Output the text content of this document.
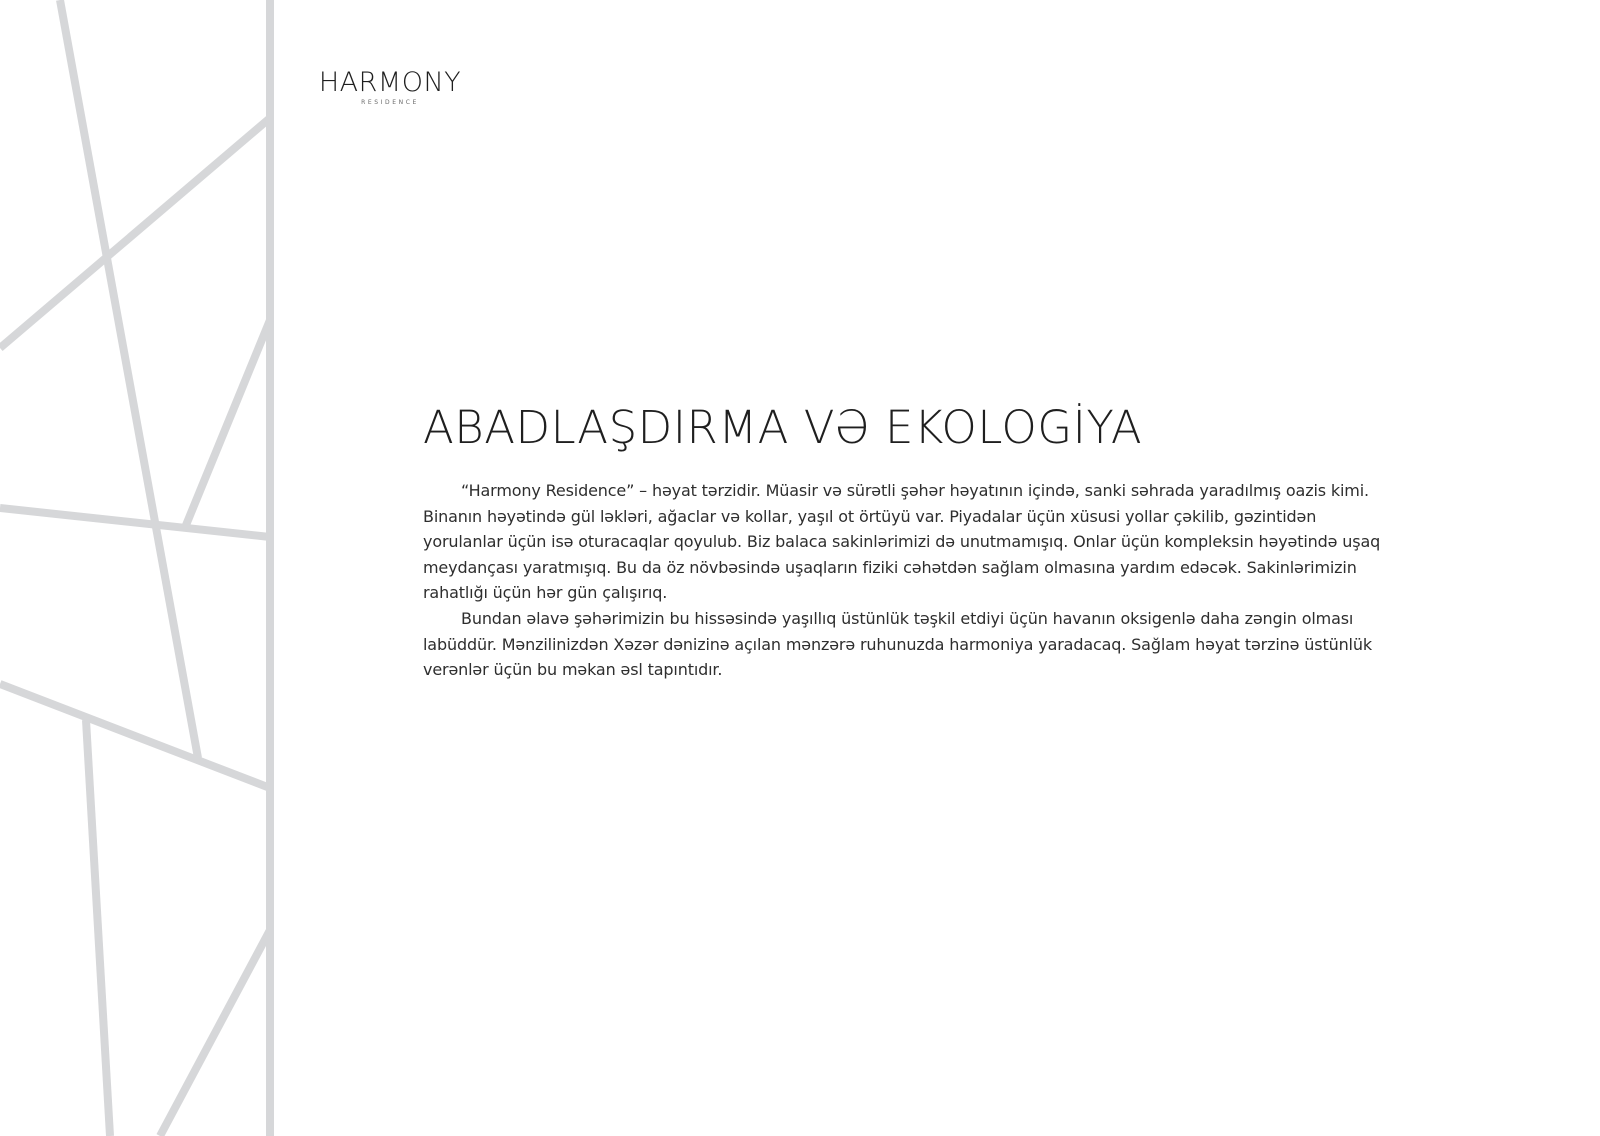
HARMONY
RESIDENCE
ABADLAŞDIRMA VƏ EKOLOGİYA

“Harmony Residence” – həyat tərzidir. Müasir və sürətli şəhər həyatının içində, sanki səhrada yaradılmış oazis kimi. Binanın həyətində gül ləkləri, ağaclar və kollar, yaşıl ot örtüyü var. Piyadalar üçün xüsusi yollar çəkilib, gəzintidən yorulanlar üçün isə oturacaqlar qoyulub. Biz balaca sakinlərimizi də unutmamışıq. Onlar üçün kompleksin həyətində uşaq meydançası yaratmışıq. Bu da öz növbəsində uşaqların fiziki cəhətdən sağlam olmasına yardım edəcək. Sakinlərimizin rahatlığı üçün hər gün çalışırıq.

Bundan əlavə şəhərimizin bu hissəsində yaşıllıq üstünlük təşkil etdiyi üçün havanın oksigenlə daha zəngin olması labüddür. Mənzilinizdən Xəzər dənizinə açılan mənzərə ruhunuzda harmoniya yaradacaq. Sağlam həyat tərzinə üstünlük verənlər üçün bu məkan əsl tapıntıdır.
